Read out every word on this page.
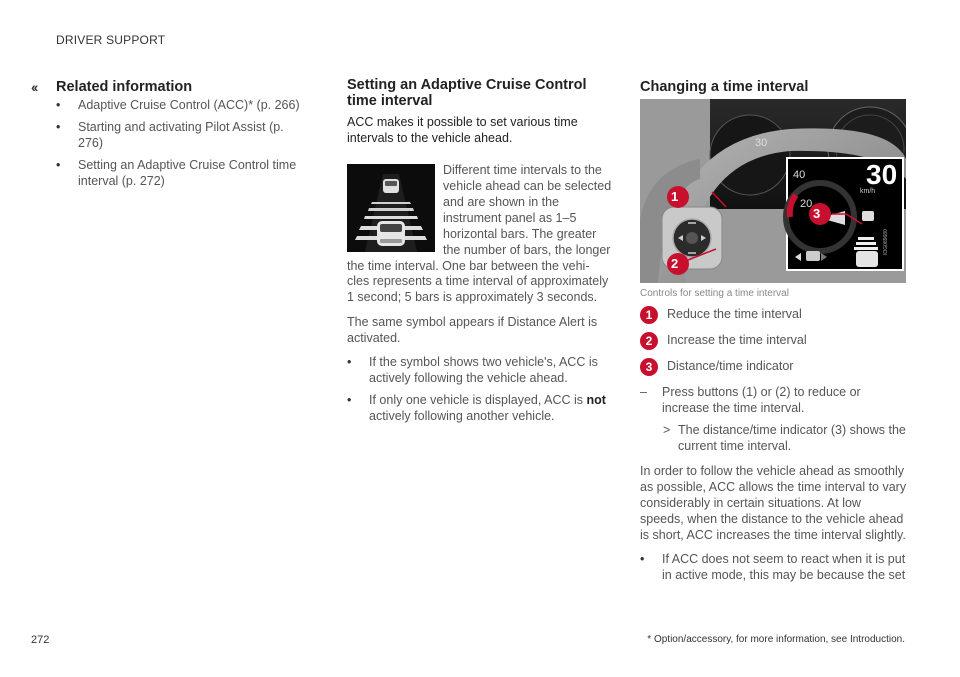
DRIVER SUPPORT
‹‹ Related information
• Adaptive Cruise Control (ACC)* (p. 266)
• Starting and activating Pilot Assist (p. 276)
• Setting an Adaptive Cruise Control time interval (p. 272)
Setting an Adaptive Cruise Control time interval
ACC makes it possible to set various time intervals to the vehicle ahead.
Different time intervals to the vehicle ahead can be selected and are shown in the instrument panel as 1–5 horizontal bars. The greater the number of bars, the longer the time interval. One bar between the vehi-
cles represents a time interval of approximately 1 second; 5 bars is approximately 3 seconds.
The same symbol appears if Distance Alert is activated.
• If the symbol shows two vehicle's, ACC is actively following the vehicle ahead.
• If only one vehicle is displayed, ACC is not actively following another vehicle.
Changing a time interval
30
km/h
40
20
30
IOG089680
1
2
3
Controls for setting a time interval
1	Reduce the time interval
2	Increase the time interval
3	Distance/time indicator
– Press buttons (1) or (2) to reduce or increase the time interval.
> The distance/time indicator (3) shows the current time interval.
In order to follow the vehicle ahead as smoothly as possible, ACC allows the time interval to vary considerably in certain situations. At low speeds, when the distance to the vehicle ahead is short, ACC increases the time interval slightly.
• If ACC does not seem to react when it is put in active mode, this may be because the set
272	* Option/accessory, for more information, see Introduction.
